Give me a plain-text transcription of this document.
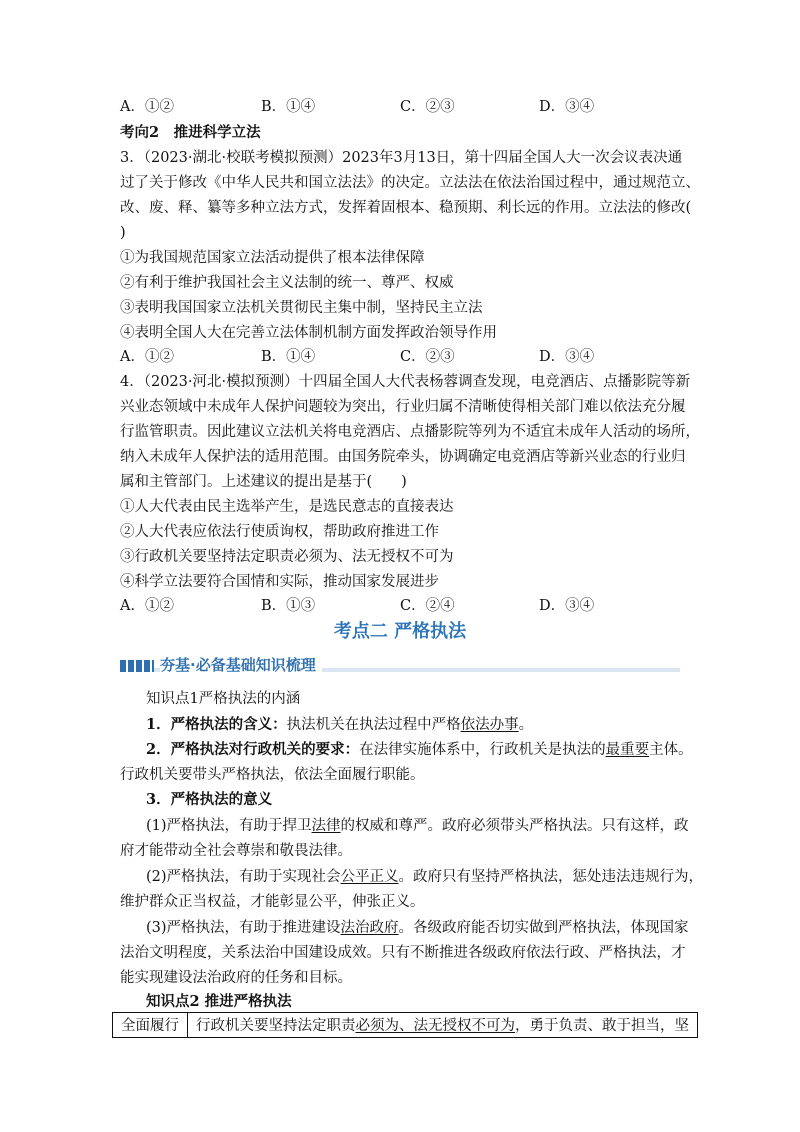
A．①②	B．①④	C．②③	D．③④
考向2　推进科学立法
3．（2023·湖北·校联考模拟预测）2023年3月13日，第十四届全国人大一次会议表决通
过了关于修改《中华人民共和国立法法》的决定。立法法在依法治国过程中，通过规范立、
改、废、释、纂等多种立法方式，发挥着固根本、稳预期、利长远的作用。立法法的修改(
)
①为我国规范国家立法活动提供了根本法律保障
②有利于维护我国社会主义法制的统一、尊严、权威
③表明我国国家立法机关贯彻民主集中制，坚持民主立法
④表明全国人大在完善立法体制机制方面发挥政治领导作用
A．①②	B．①④	C．②③	D．③④
4．（2023·河北·模拟预测）十四届全国人大代表杨蓉调查发现，电竞酒店、点播影院等新
兴业态领域中未成年人保护问题较为突出，行业归属不清晰使得相关部门难以依法充分履
行监管职责。因此建议立法机关将电竞酒店、点播影院等列为不适宜未成年人活动的场所，
纳入未成年人保护法的适用范围。由国务院牵头，协调确定电竞酒店等新兴业态的行业归
属和主管部门。上述建议的提出是基于(　　)
①人大代表由民主选举产生，是选民意志的直接表达
②人大代表应依法行使质询权，帮助政府推进工作
③行政机关要坚持法定职责必须为、法无授权不可为
④科学立法要符合国情和实际，推动国家发展进步
A．①②	B．①③	C．②④	D．③④
考点二 严格执法
夯基·必备基础知识梳理
知识点1严格执法的内涵
1．严格执法的含义：执法机关在执法过程中严格依法办事。
2．严格执法对行政机关的要求：在法律实施体系中，行政机关是执法的最重要主体。
行政机关要带头严格执法，依法全面履行职能。
3．严格执法的意义
(1)严格执法，有助于捍卫法律的权威和尊严。政府必须带头严格执法。只有这样，政
府才能带动全社会尊崇和敬畏法律。
(2)严格执法，有助于实现社会公平正义。政府只有坚持严格执法，惩处违法违规行为，
维护群众正当权益，才能彰显公平，伸张正义。
(3)严格执法，有助于推进建设法治政府。各级政府能否切实做到严格执法，体现国家
法治文明程度，关系法治中国建设成效。只有不断推进各级政府依法行政、严格执法，才
能实现建设法治政府的任务和目标。
知识点2 推进严格执法
全面履行	行政机关要坚持法定职责必须为、法无授权不可为，勇于负责、敢于担当，坚
